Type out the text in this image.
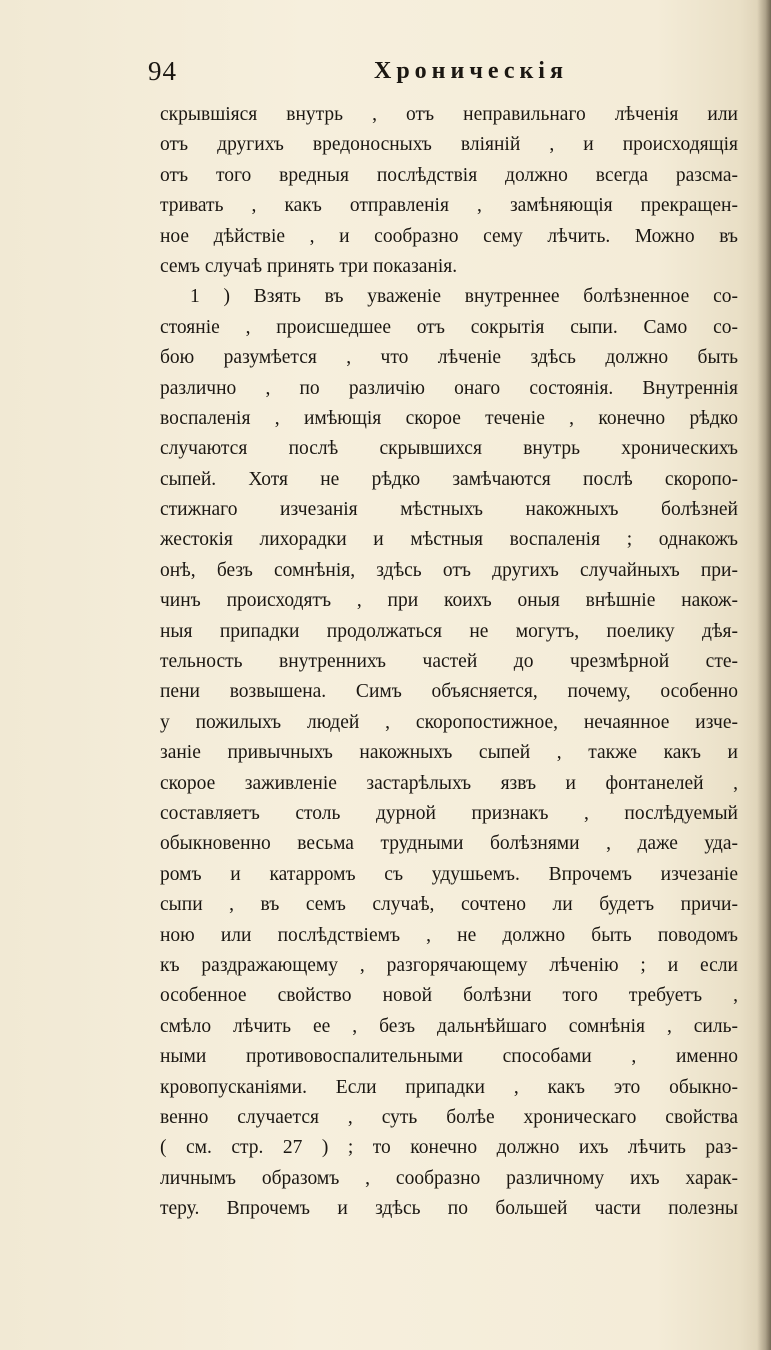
94	Хроническія
скрывшіяся внутрь , отъ неправильнаго лѣченія или
отъ другихъ вредоносныхъ вліяній , и происходящія
отъ того вредныя послѣдствія должно всегда разсма-
тривать , какъ отправленія , замѣняющія прекращен-
ное дѣйствіе , и сообразно сему лѣчить. Можно въ
семъ случаѣ принять три показанія.
1 ) Взять въ уваженіе внутреннее болѣзненное со-
стояніе , происшедшее отъ сокрытія сыпи. Само со-
бою разумѣется , что лѣченіе здѣсь должно быть
различно , по различію онаго состоянія. Внутреннія
воспаленія , имѣющія скорое теченіе , конечно рѣдко
случаются послѣ скрывшихся внутрь хроническихъ
сыпей. Хотя не рѣдко замѣчаются послѣ скоропо-
стижнаго изчезанія мѣстныхъ накожныхъ болѣзней
жестокія лихорадки и мѣстныя воспаленія ; однакожъ
онѣ, безъ сомнѣнія, здѣсь отъ другихъ случайныхъ при-
чинъ происходятъ , при коихъ оныя внѣшніе накож-
ныя припадки продолжаться не могутъ, поелику дѣя-
тельность внутреннихъ частей до чрезмѣрной сте-
пени возвышена. Симъ объясняется, почему, особенно
у пожилыхъ людей , скоропостижное, нечаянное изче-
заніе привычныхъ накожныхъ сыпей , также какъ и
скорое заживленіе застарѣлыхъ язвъ и фонтанелей ,
составляетъ столь дурной признакъ , послѣдуемый
обыкновенно весьма трудными болѣзнями , даже уда-
ромъ и катарромъ съ удушьемъ. Впрочемъ изчезаніе
сыпи , въ семъ случаѣ, сочтено ли будетъ причи-
ною или послѣдствіемъ , не должно быть поводомъ
къ раздражающему , разгорячающему лѣченію ; и если
особенное свойство новой болѣзни того требуетъ ,
смѣло лѣчить ее , безъ дальнѣйшаго сомнѣнія , силь-
ными противовоспалительными способами , именно
кровопусканіями. Если припадки , какъ это обыкно-
венно случается , суть болѣе хроническаго свойства
( см. стр. 27 ) ; то конечно должно ихъ лѣчить раз-
личнымъ образомъ , сообразно различному ихъ харак-
теру. Впрочемъ и здѣсь по большей части полезны
